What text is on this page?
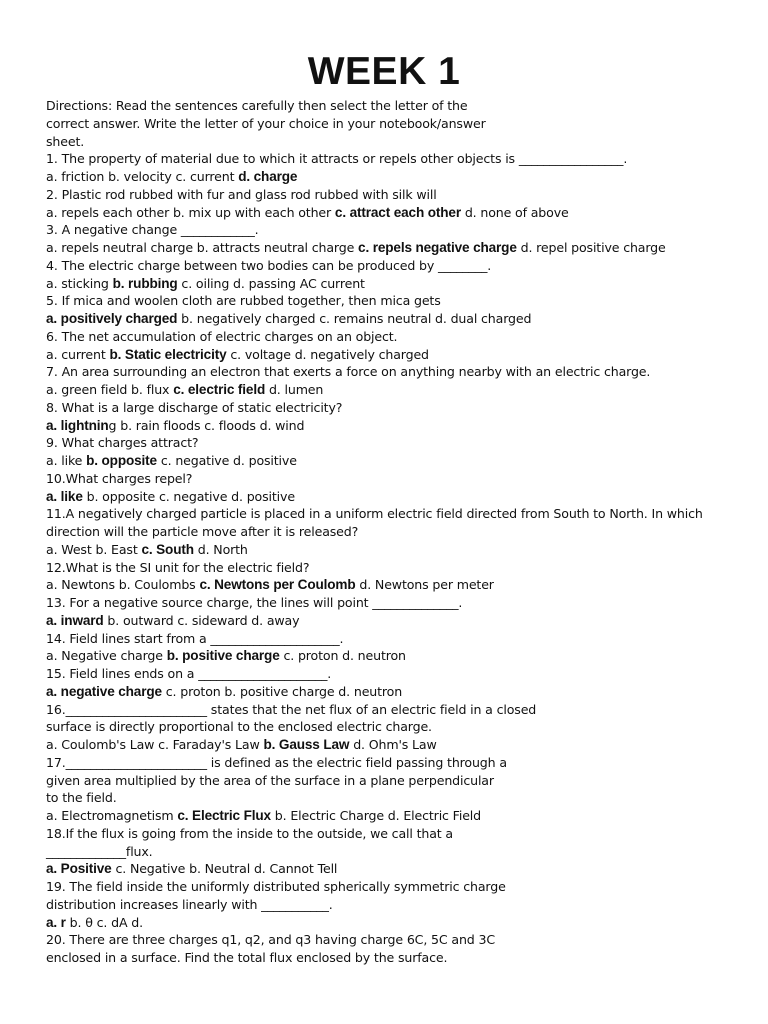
WEEK 1
Directions: Read the sentences carefully then select the letter of the
correct answer. Write the letter of your choice in your notebook/answer
sheet.
1. The property of material due to which it attracts or repels other objects is _________________.
a. friction b. velocity c. current d. charge
2. Plastic rod rubbed with fur and glass rod rubbed with silk will
a. repels each other b. mix up with each other c. attract each other d. none of above
3. A negative change ____________.
a. repels neutral charge b. attracts neutral charge c. repels negative charge d. repel positive charge
4. The electric charge between two bodies can be produced by ________.
a. sticking b. rubbing c. oiling d. passing AC current
5. If mica and woolen cloth are rubbed together, then mica gets
a. positively charged b. negatively charged c. remains neutral d. dual charged
6. The net accumulation of electric charges on an object.
a. current b. Static electricity c. voltage d. negatively charged
7. An area surrounding an electron that exerts a force on anything nearby with an electric charge.
a. green field b. flux c. electric field d. lumen
8. What is a large discharge of static electricity?
a. lightning b. rain floods c. floods d. wind
9. What charges attract?
a. like b. opposite c. negative d. positive
10.What charges repel?
a. like b. opposite c. negative d. positive
11.A negatively charged particle is placed in a uniform electric field directed from South to North. In which
direction will the particle move after it is released?
a. West b. East c. South d. North
12.What is the SI unit for the electric field?
a. Newtons b. Coulombs c. Newtons per Coulomb d. Newtons per meter
13. For a negative source charge, the lines will point ______________.
a. inward b. outward c. sideward d. away
14. Field lines start from a _____________________.
a. Negative charge b. positive charge c. proton d. neutron
15. Field lines ends on a _____________________.
a. negative charge c. proton b. positive charge d. neutron
16._______________________ states that the net flux of an electric field in a closed
surface is directly proportional to the enclosed electric charge.
a. Coulomb's Law c. Faraday's Law b. Gauss Law d. Ohm's Law
17._______________________ is defined as the electric field passing through a
given area multiplied by the area of the surface in a plane perpendicular
to the field.
a. Electromagnetism c. Electric Flux b. Electric Charge d. Electric Field
18.If the flux is going from the inside to the outside, we call that a
_____________flux.
a. Positive c. Negative b. Neutral d. Cannot Tell
19. The field inside the uniformly distributed spherically symmetric charge
distribution increases linearly with ___________.
a. r b. θ c. dA d.
20. There are three charges q1, q2, and q3 having charge 6C, 5C and 3C
enclosed in a surface. Find the total flux enclosed by the surface.
